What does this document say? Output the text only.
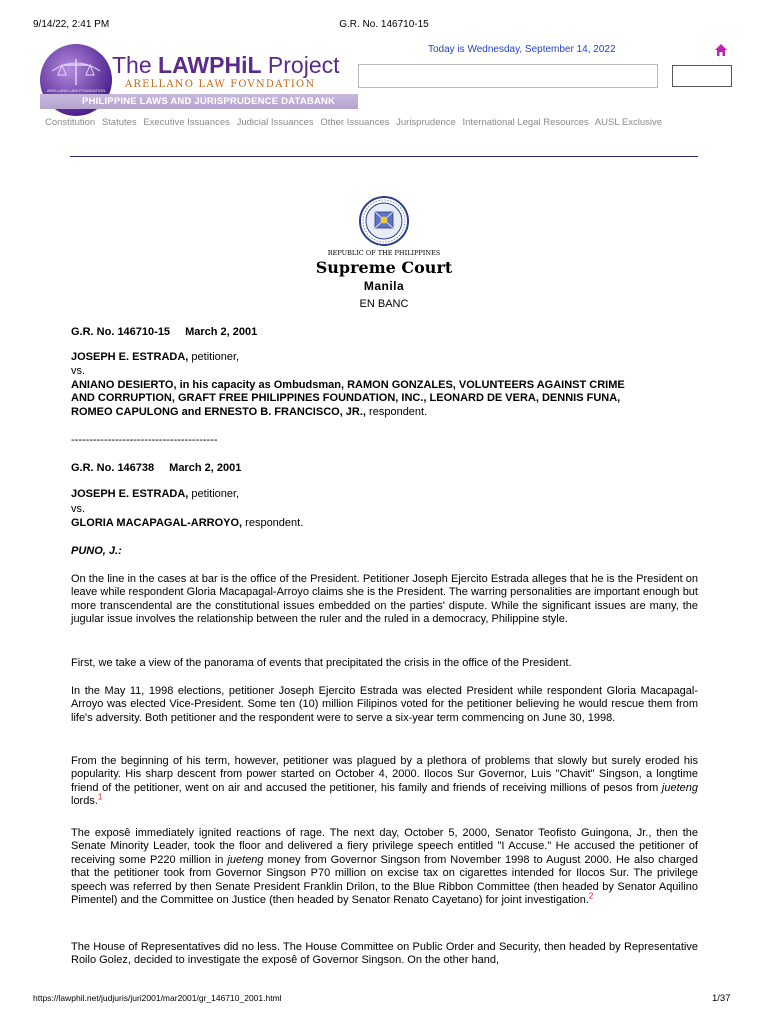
9/14/22, 2:41 PM	G.R. No. 146710-15
ARELLANO LAW FOUNDATION
The LAWPHiL Project
ARELLANO LAW FOVNDATION
PHILIPPINE LAWS AND JURISPRUDENCE DATABANK
Today is Wednesday, September 14, 2022
Constitution Statutes Executive Issuances Judicial Issuances Other Issuances Jurisprudence International Legal Resources AUSL Exclusive
REPUBLIC OF THE PHILIPPINES
Supreme Court
Manila
EN BANC
G.R. No. 146710-15 March 2, 2001
JOSEPH E. ESTRADA, petitioner,
vs.
ANIANO DESIERTO, in his capacity as Ombudsman, RAMON GONZALES, VOLUNTEERS AGAINST CRIME
AND CORRUPTION, GRAFT FREE PHILIPPINES FOUNDATION, INC., LEONARD DE VERA, DENNIS FUNA,
ROMEO CAPULONG and ERNESTO B. FRANCISCO, JR., respondent.
----------------------------------------
G.R. No. 146738 March 2, 2001
JOSEPH E. ESTRADA, petitioner,
vs.
GLORIA MACAPAGAL-ARROYO, respondent.
PUNO, J.:
On the line in the cases at bar is the office of the President. Petitioner Joseph Ejercito Estrada alleges that he is the President on leave while respondent Gloria Macapagal-Arroyo claims she is the President. The warring personalities are important enough but more transcendental are the constitutional issues embedded on the parties' dispute. While the significant issues are many, the jugular issue involves the relationship between the ruler and the ruled in a democracy, Philippine style.
First, we take a view of the panorama of events that precipitated the crisis in the office of the President.
In the May 11, 1998 elections, petitioner Joseph Ejercito Estrada was elected President while respondent Gloria Macapagal-Arroyo was elected Vice-President. Some ten (10) million Filipinos voted for the petitioner believing he would rescue them from life's adversity. Both petitioner and the respondent were to serve a six-year term commencing on June 30, 1998.
From the beginning of his term, however, petitioner was plagued by a plethora of problems that slowly but surely eroded his popularity. His sharp descent from power started on October 4, 2000. Ilocos Sur Governor, Luis "Chavit" Singson, a longtime friend of the petitioner, went on air and accused the petitioner, his family and friends of receiving millions of pesos from jueteng lords.$^1$
The exposê immediately ignited reactions of rage. The next day, October 5, 2000, Senator Teofisto Guingona, Jr., then the Senate Minority Leader, took the floor and delivered a fiery privilege speech entitled "I Accuse." He accused the petitioner of receiving some P220 million in jueteng money from Governor Singson from November 1998 to August 2000. He also charged that the petitioner took from Governor Singson P70 million on excise tax on cigarettes intended for Ilocos Sur. The privilege speech was referred by then Senate President Franklin Drilon, to the Blue Ribbon Committee (then headed by Senator Aquilino Pimentel) and the Committee on Justice (then headed by Senator Renato Cayetano) for joint investigation.$^2$
The House of Representatives did no less. The House Committee on Public Order and Security, then headed by Representative Roilo Golez, decided to investigate the exposê of Governor Singson. On the other hand,
https://lawphil.net/judjuris/juri2001/mar2001/gr_146710_2001.html	1/37
